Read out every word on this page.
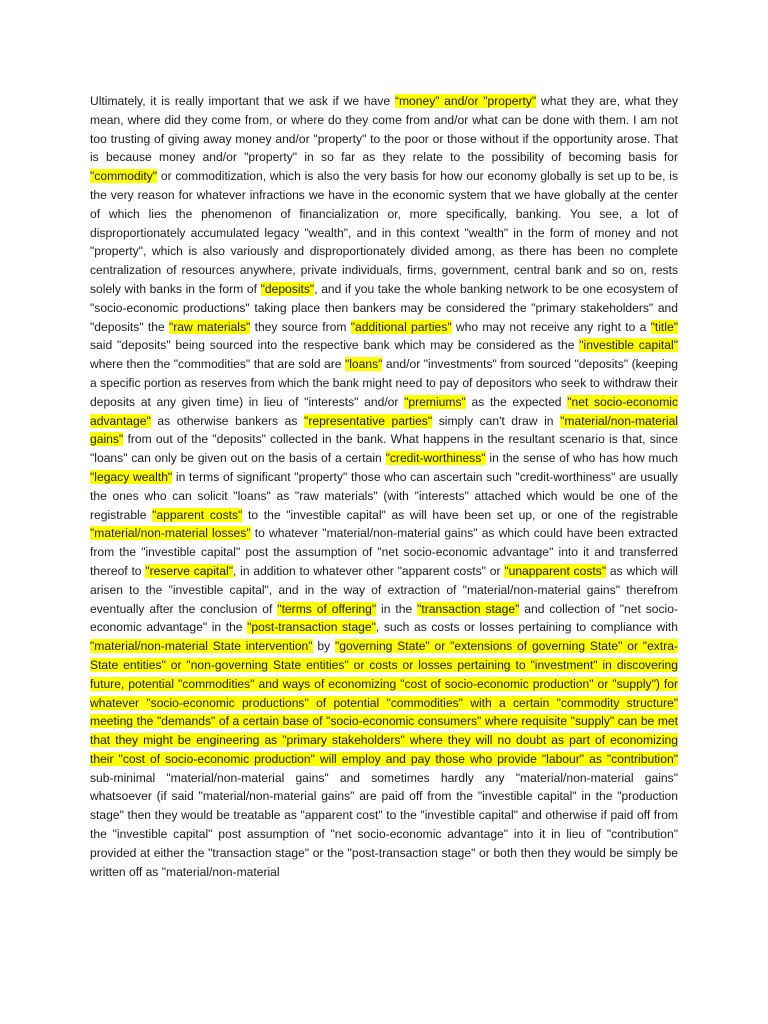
Ultimately, it is really important that we ask if we have “money” and/or "property" what they are, what they mean, where did they come from, or where do they come from and/or what can be done with them. I am not too trusting of giving away money and/or "property" to the poor or those without if the opportunity arose. That is because money and/or "property" in so far as they relate to the possibility of becoming basis for "commodity" or commoditization, which is also the very basis for how our economy globally is set up to be, is the very reason for whatever infractions we have in the economic system that we have globally at the center of which lies the phenomenon of financialization or, more specifically, banking. You see, a lot of disproportionately accumulated legacy "wealth", and in this context "wealth" in the form of money and not "property", which is also variously and disproportionately divided among, as there has been no complete centralization of resources anywhere, private individuals, firms, government, central bank and so on, rests solely with banks in the form of "deposits", and if you take the whole banking network to be one ecosystem of "socio-economic productions" taking place then bankers may be considered the "primary stakeholders" and "deposits" the "raw materials" they source from "additional parties" who may not receive any right to a "title" said "deposits" being sourced into the respective bank which may be considered as the "investible capital" where then the "commodities" that are sold are "loans" and/or "investments" from sourced "deposits" (keeping a specific portion as reserves from which the bank might need to pay of depositors who seek to withdraw their deposits at any given time) in lieu of "interests" and/or "premiums" as the expected "net socio-economic advantage" as otherwise bankers as "representative parties" simply can't draw in "material/non-material gains" from out of the "deposits" collected in the bank. What happens in the resultant scenario is that, since "loans" can only be given out on the basis of a certain "credit-worthiness" in the sense of who has how much "legacy wealth" in terms of significant "property" those who can ascertain such "credit-worthiness" are usually the ones who can solicit "loans" as "raw materials" (with "interests" attached which would be one of the registrable "apparent costs" to the "investible capital" as will have been set up, or one of the registrable "material/non-material losses" to whatever "material/non-material gains" as which could have been extracted from the "investible capital" post the assumption of "net socio-economic advantage" into it and transferred thereof to "reserve capital", in addition to whatever other "apparent costs" or "unapparent costs" as which will arisen to the "investible capital", and in the way of extraction of "material/non-material gains" therefrom eventually after the conclusion of "terms of offering" in the "transaction stage" and collection of "net socio-economic advantage" in the "post-transaction stage", such as costs or losses pertaining to compliance with "material/non-material State intervention" by "governing State" or "extensions of governing State" or "extra-State entities" or "non-governing State entities" or costs or losses pertaining to "investment" in discovering future, potential "commodities" and ways of economizing "cost of socio-economic production" or "supply") for whatever "socio-economic productions" of potential "commodities" with a certain "commodity structure" meeting the "demands" of a certain base of "socio-economic consumers" where requisite "supply" can be met that they might be engineering as "primary stakeholders" where they will no doubt as part of economizing their "cost of socio-economic production" will employ and pay those who provide "labour" as "contribution" sub-minimal "material/non-material gains" and sometimes hardly any "material/non-material gains" whatsoever (if said "material/non-material gains" are paid off from the "investible capital" in the "production stage" then they would be treatable as "apparent cost" to the "investible capital" and otherwise if paid off from the "investible capital" post assumption of "net socio-economic advantage" into it in lieu of "contribution" provided at either the "transaction stage" or the "post-transaction stage" or both then they would be simply be written off as "material/non-material
